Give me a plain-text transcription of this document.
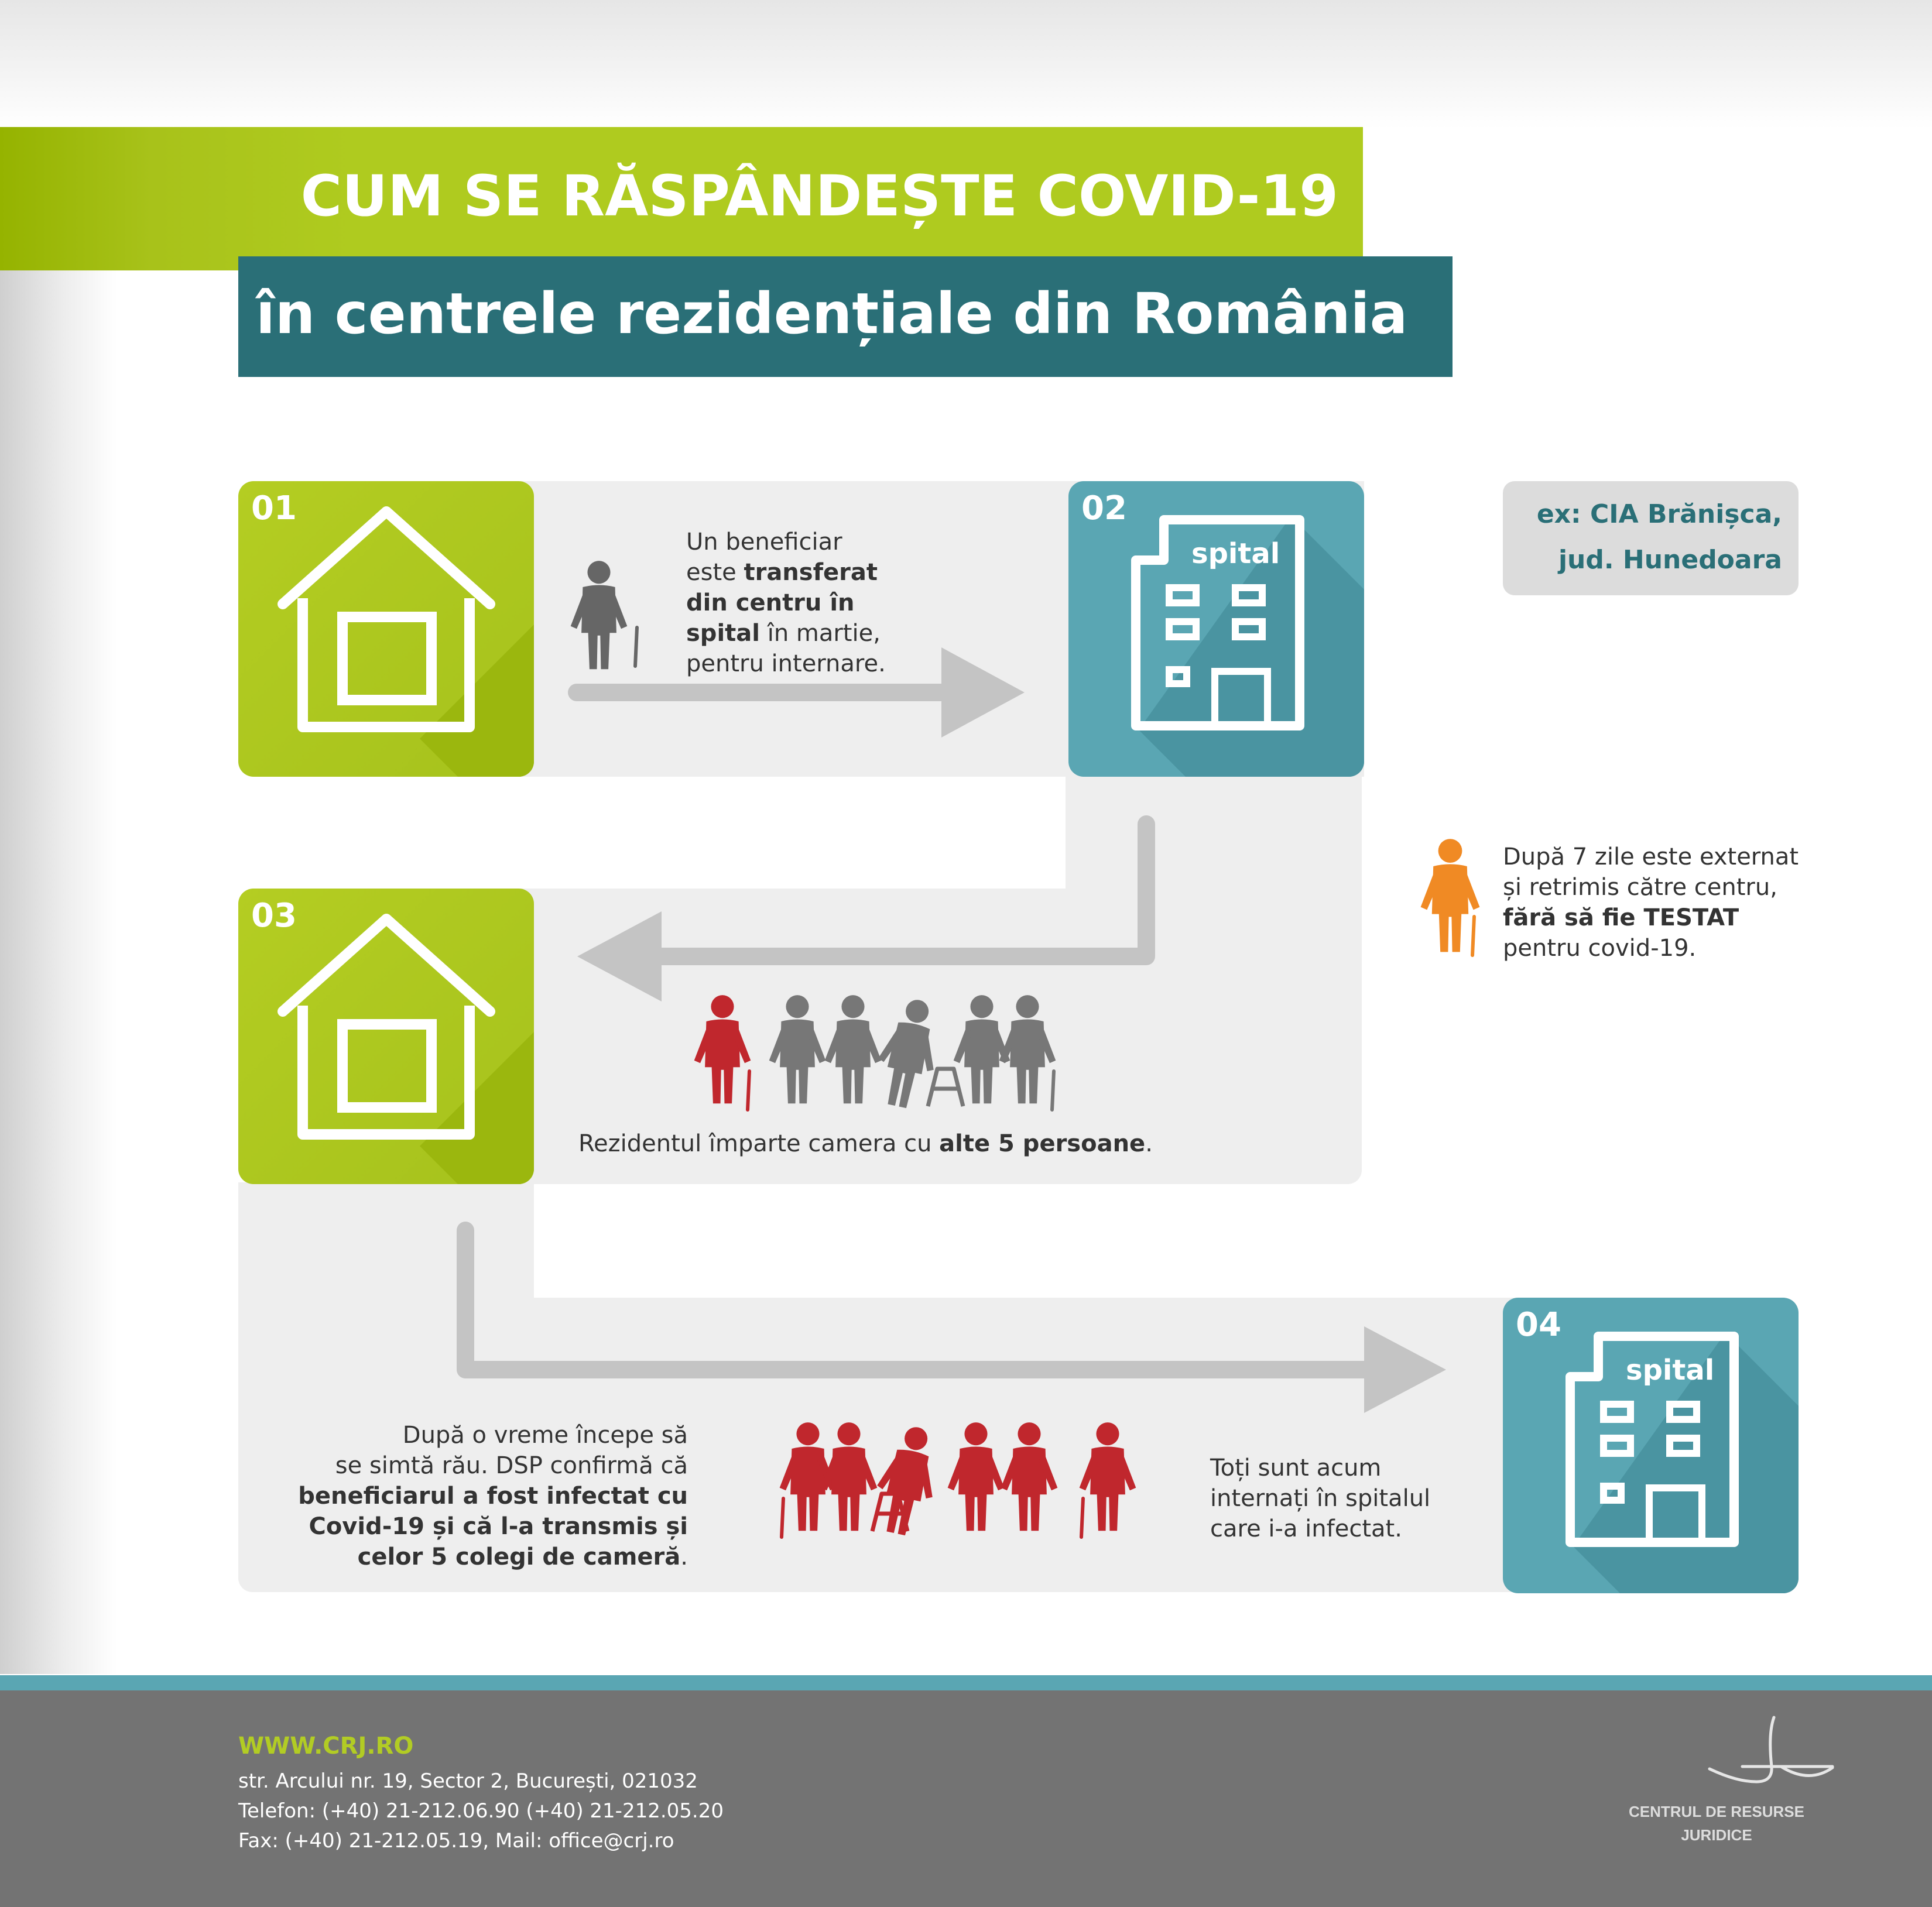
CUM SE RĂSPÂNDEȘTE COVID-19
în centrele rezidențiale din România
01	02
spital
03
04
spital
ex: CIA Brănișca,
jud. Hunedoara
Un beneficiar
este transferat
din centru în
spital în martie,
pentru internare.
După 7 zile este externat
și retrimis către centru,
fără să fie TESTAT
pentru covid-19.
Rezidentul împarte camera cu alte 5 persoane.
După o vreme începe să
se simtă rău. DSP confirmă că
beneficiarul a fost infectat cu
Covid-19 și că l-a transmis și
celor 5 colegi de cameră.
Toți sunt acum
internați în spitalul
care i-a infectat.
WWW.CRJ.RO
str. Arcului nr. 19, Sector 2, București, 021032
Telefon: (+40) 21-212.06.90 (+40) 21-212.05.20
Fax: (+40) 21-212.05.19, Mail: office@crj.ro
CENTRUL DE RESURSE
JURIDICE
